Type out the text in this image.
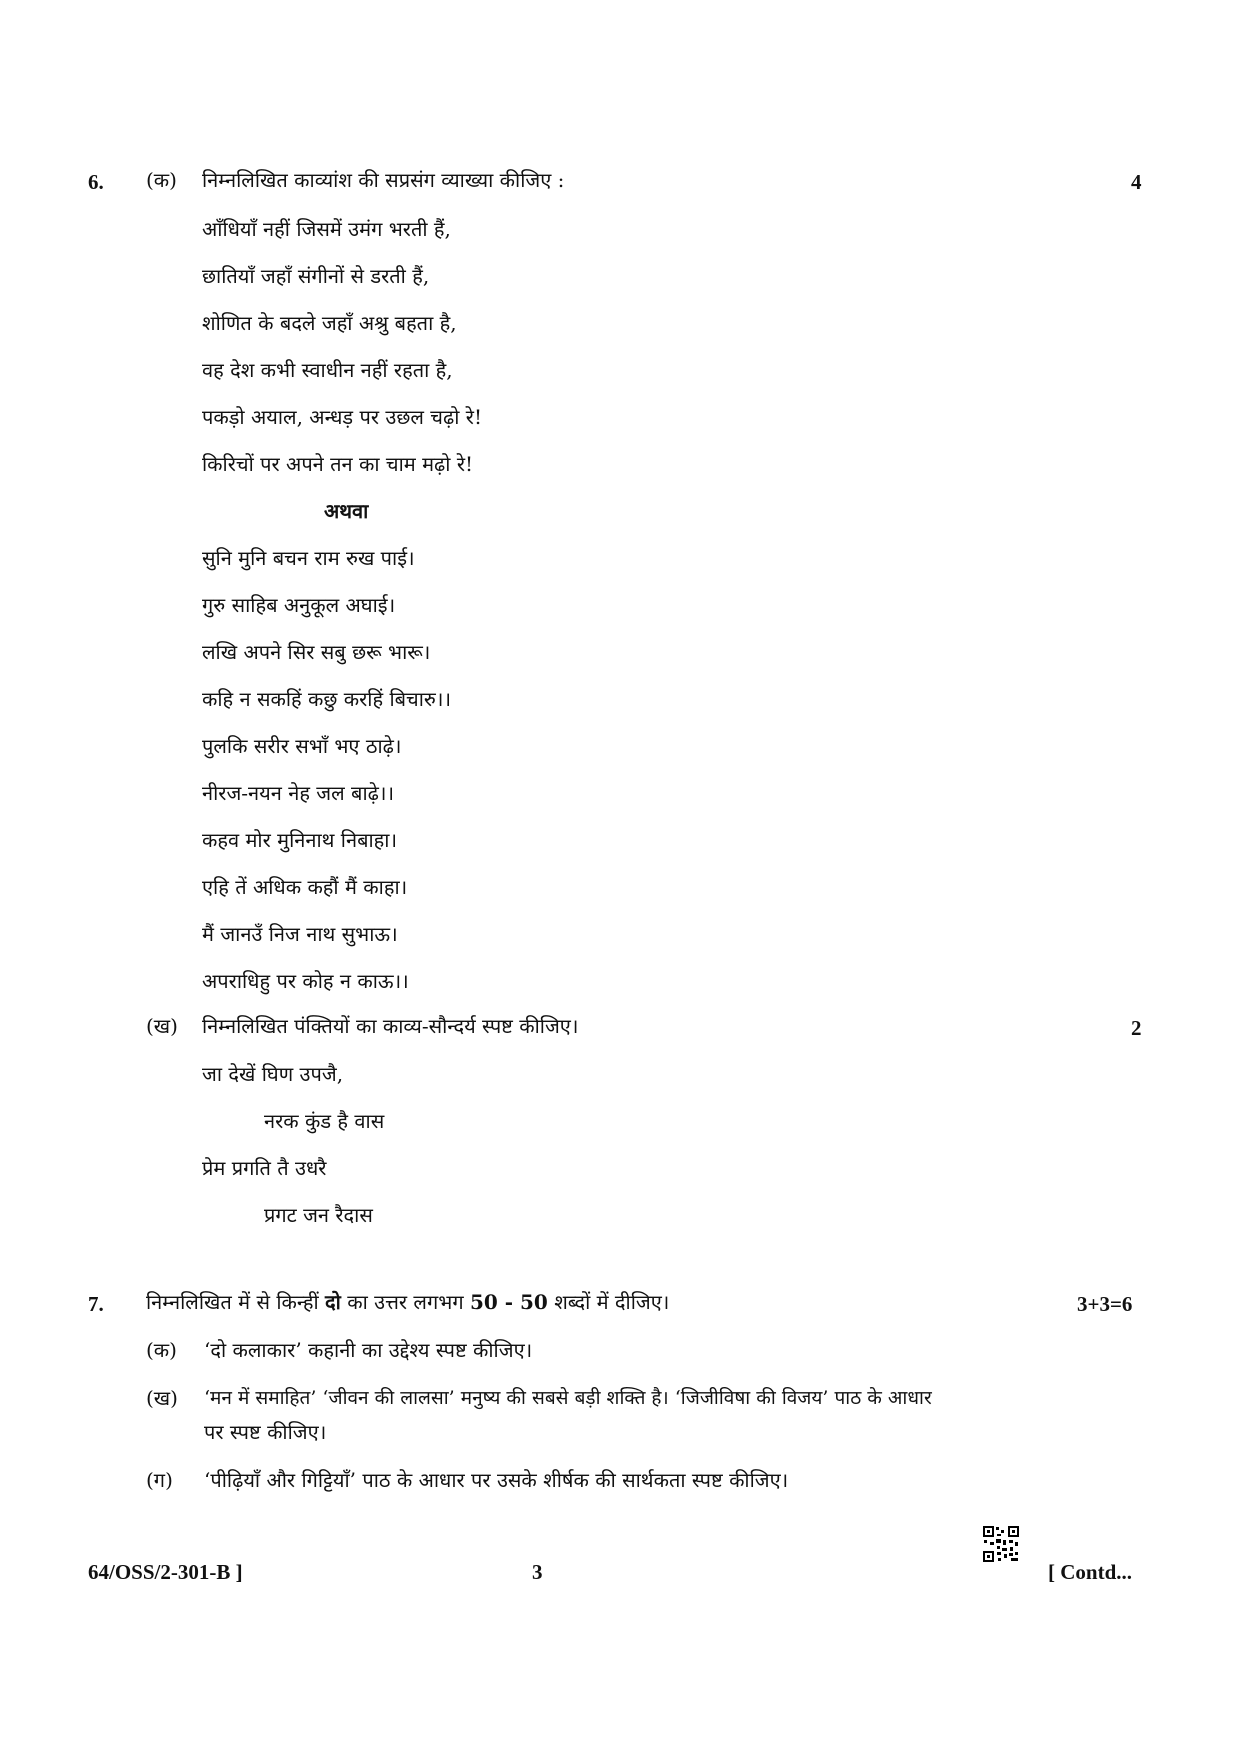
6. (क) निम्नलिखित काव्यांश की सप्रसंग व्याख्या कीजिए :	4
आँधियाँ नहीं जिसमें उमंग भरती हैं,
छातियाँ जहाँ संगीनों से डरती हैं,
शोणित के बदले जहाँ अश्रु बहता है,
वह देश कभी स्वाधीन नहीं रहता है,
पकड़ो अयाल, अन्धड़ पर उछल चढ़ो रे!
किरिचों पर अपने तन का चाम मढ़ो रे!
अथवा
सुनि मुनि बचन राम रुख पाई।
गुरु साहिब अनुकूल अघाई।
लखि अपने सिर सबु छरू भारू।
कहि न सकहिं कछु करहिं बिचारु।।
पुलकि सरीर सभाँ भए ठाढ़े।
नीरज-नयन नेह जल बाढ़े।।
कहव मोर मुनिनाथ निबाहा।
एहि तें अधिक कहौं मैं काहा।
मैं जानउँ निज नाथ सुभाऊ।
अपराधिहु पर कोह न काऊ।।
(ख) निम्नलिखित पंक्तियों का काव्य-सौन्दर्य स्पष्ट कीजिए।	2
जा देखें घिण उपजै,
नरक कुंड है वास
प्रेम प्रगति तै उधरै
प्रगट जन रैदास
7. निम्नलिखित में से किन्हीं दो का उत्तर लगभग 50 - 50 शब्दों में दीजिए।	3+3=6
(क) ‘दो कलाकार’ कहानी का उद्देश्य स्पष्ट कीजिए।
(ख) ‘मन में समाहित’ ‘जीवन की लालसा’ मनुष्य की सबसे बड़ी शक्ति है। ‘जिजीविषा की विजय’ पाठ के आधार
पर स्पष्ट कीजिए।
(ग) ‘पीढ़ियाँ और गिट्टियाँ’ पाठ के आधार पर उसके शीर्षक की सार्थकता स्पष्ट कीजिए।
64/OSS/2-301-B ]	3	[ Contd...
